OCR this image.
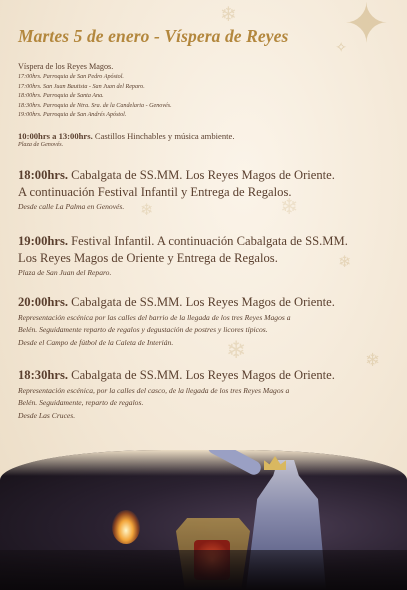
✦
✧
❄
❄
❄
❄	❄
❄
Martes 5 de enero - Víspera de Reyes

Víspera de los Reyes Magos.

17:00hrs. Parroquia de San Pedro Apóstol.

17:00hrs. San Juan Bautista - San Juan del Reparo.

18:00hrs. Parroquia de Santa Ana.

18:30hrs. Parroquia de Ntra. Sra. de la Candelaria - Genovés.

19:00hrs. Parroquia de San Andrés Apóstol.

10:00hrs a 13:00hrs. Castillos Hinchables y música ambiente.

Plaza de Genovés.

18:00hrs. Cabalgata de SS.MM. Los Reyes Magos de Oriente.

A continuación Festival Infantil y Entrega de Regalos.

Desde calle La Palma en Genovés.

19:00hrs. Festival Infantil. A continuación Cabalgata de SS.MM.

Los Reyes Magos de Oriente y Entrega de Regalos.

Plaza de San Juan del Reparo.

20:00hrs. Cabalgata de SS.MM. Los Reyes Magos de Oriente.

Representación escénica por las calles del barrio de la llegada de los tres Reyes Magos a

Belén. Seguidamente reparto de regalos y degustación de postres y licores típicos.

Desde el Campo de fútbol de la Caleta de Interián.

18:30hrs. Cabalgata de SS.MM. Los Reyes Magos de Oriente.

Representación escénica, por la calles del casco, de la llegada de los tres Reyes Magos a

Belén. Seguidamente, reparto de regalos.

Desde Las Cruces.
